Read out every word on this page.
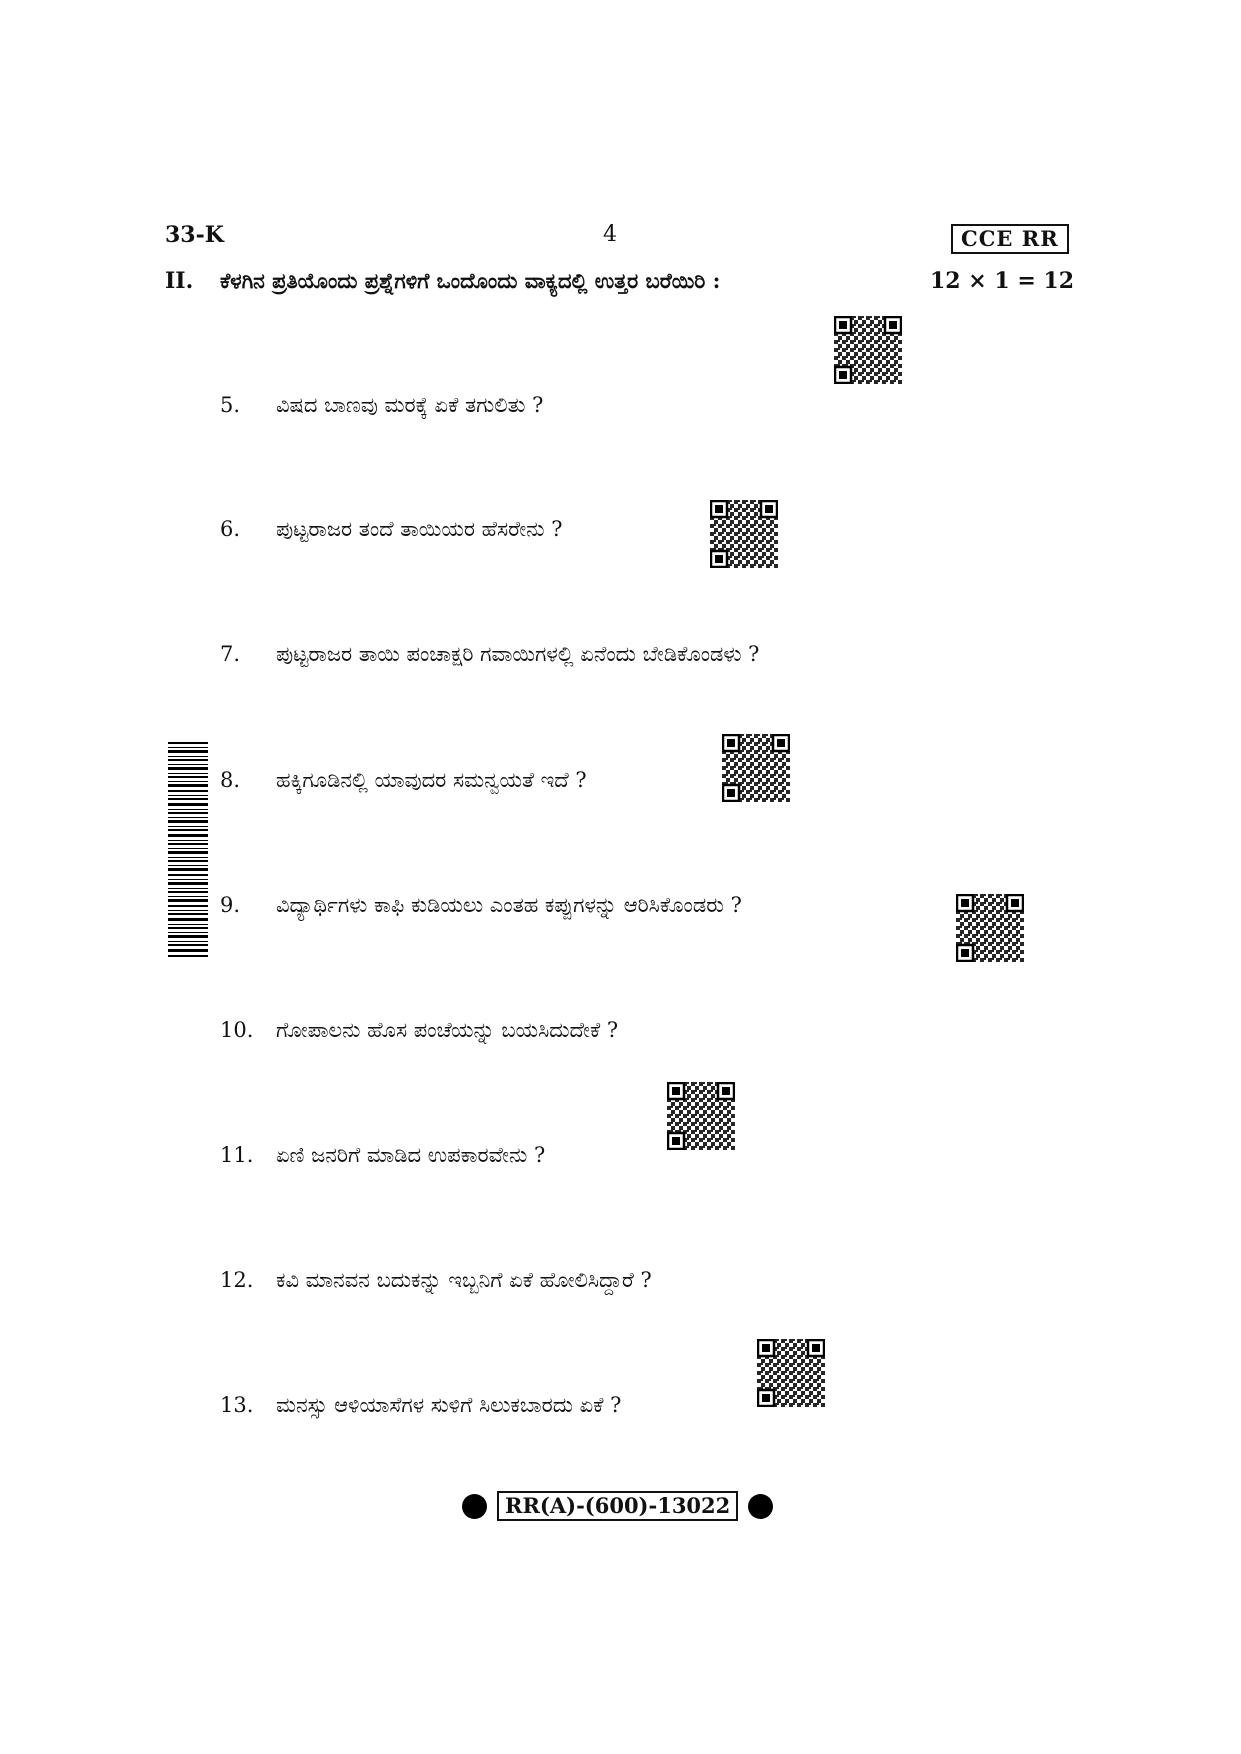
33-K	4	CCE RR
II. ಕೆಳಗಿನ ಪ್ರತಿಯೊಂದು ಪ್ರಶ್ನೆಗಳಿಗೆ ಒಂದೊಂದು ವಾಕ್ಯದಲ್ಲಿ ಉತ್ತರ ಬರೆಯಿರಿ :	12 × 1 = 12
5. ವಿಷದ ಬಾಣವು ಮರಕ್ಕೆ ಏಕೆ ತಗುಲಿತು ?
6. ಪುಟ್ಟರಾಜರ ತಂದೆ ತಾಯಿಯರ ಹೆಸರೇನು ?
7. ಪುಟ್ಟರಾಜರ ತಾಯಿ ಪಂಚಾಕ್ಷರಿ ಗವಾಯಿಗಳಲ್ಲಿ ಏನೆಂದು ಬೇಡಿಕೊಂಡಳು ?
8. ಹಕ್ಕಿಗೂಡಿನಲ್ಲಿ ಯಾವುದರ ಸಮನ್ವಯತೆ ಇದೆ ?
9. ವಿದ್ಯಾರ್ಥಿಗಳು ಕಾಫಿ ಕುಡಿಯಲು ಎಂತಹ ಕಪ್ಪುಗಳನ್ನು ಆರಿಸಿಕೊಂಡರು ?
10. ಗೋಪಾಲನು ಹೊಸ ಪಂಚೆಯನ್ನು ಬಯಸಿದುದೇಕೆ ?
11. ಏಣಿ ಜನರಿಗೆ ಮಾಡಿದ ಉಪಕಾರವೇನು ?
12. ಕವಿ ಮಾನವನ ಬದುಕನ್ನು ಇಬ್ಬನಿಗೆ ಏಕೆ ಹೋಲಿಸಿದ್ದಾರೆ ?
13. ಮನಸ್ಸು ಆಳಿಯಾಸೆಗಳ ಸುಳಿಗೆ ಸಿಲುಕಬಾರದು ಏಕೆ ?
RR(A)-(600)-13022
